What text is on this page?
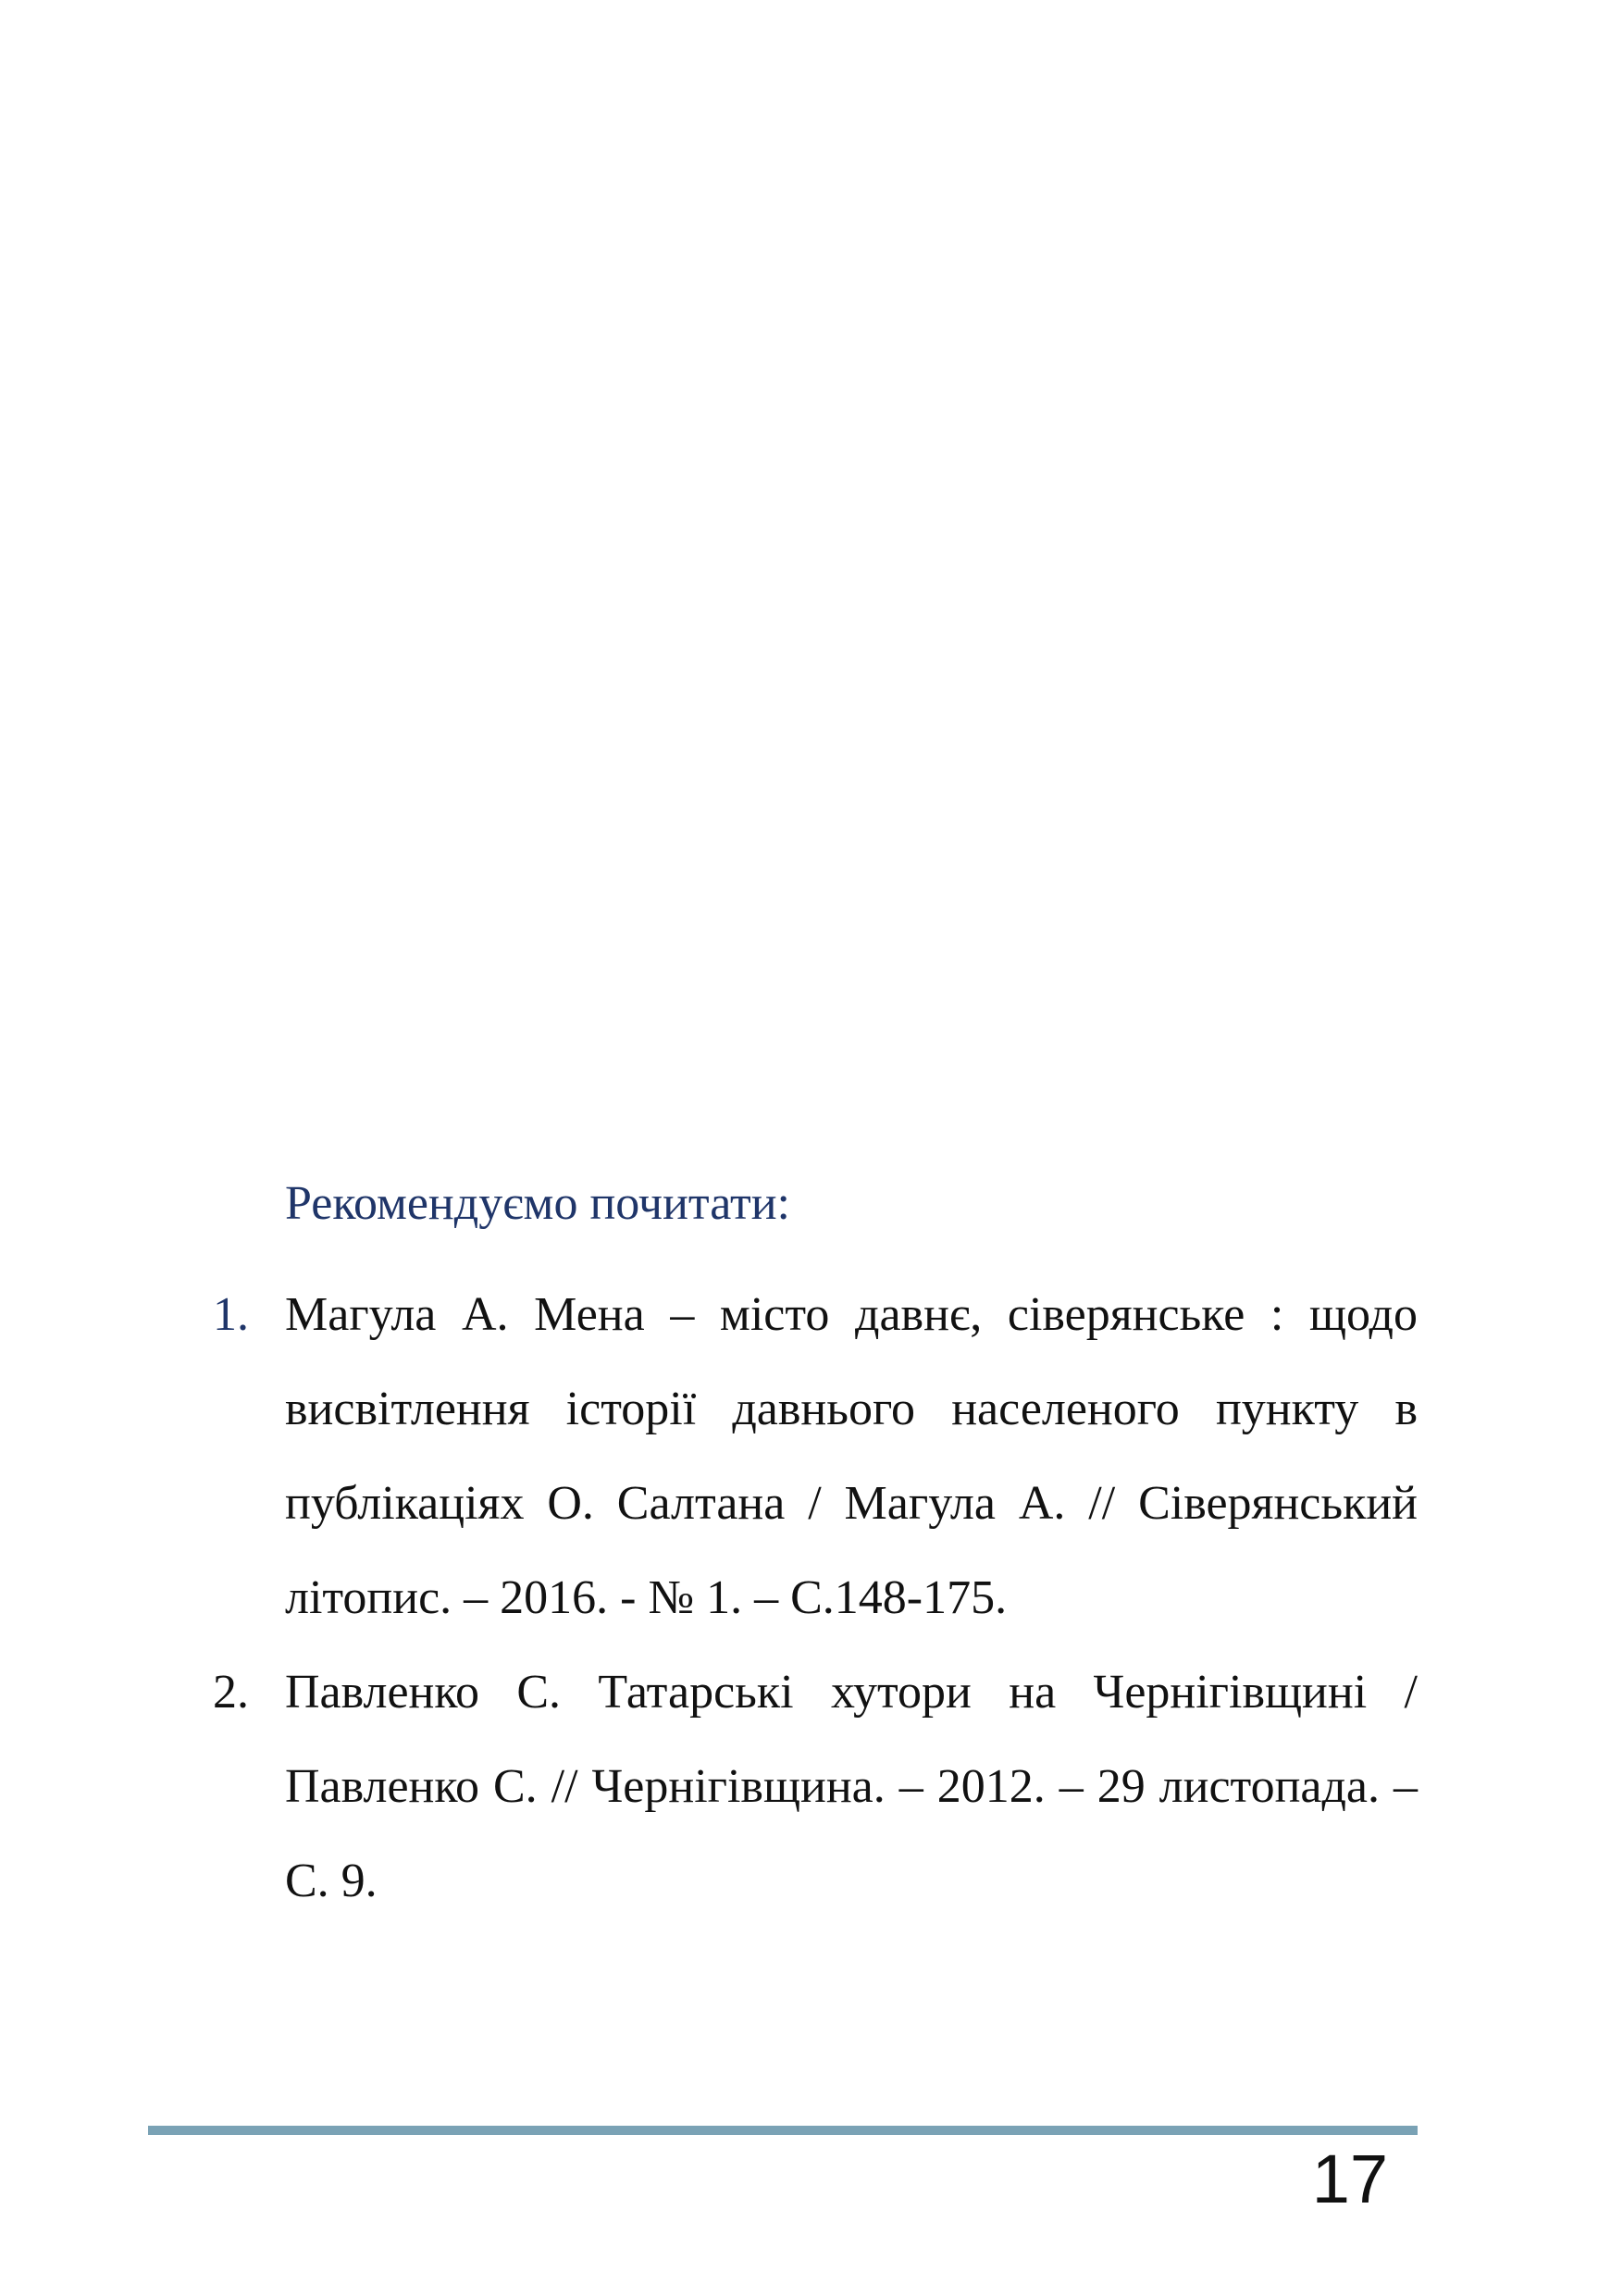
Рекомендуємо почитати:
1. Магула А. Мена – місто давнє, сіверянське : щодо висвітлення історії давнього населеного пункту в публікаціях О. Салтана / Магула А. // Сіверянський літопис. – 2016. - № 1. – С.148-175.
2. Павленко С. Татарські хутори на Чернігівщині / Павленко С. // Чернігівщина. – 2012. – 29 листопада. – С. 9.
17
